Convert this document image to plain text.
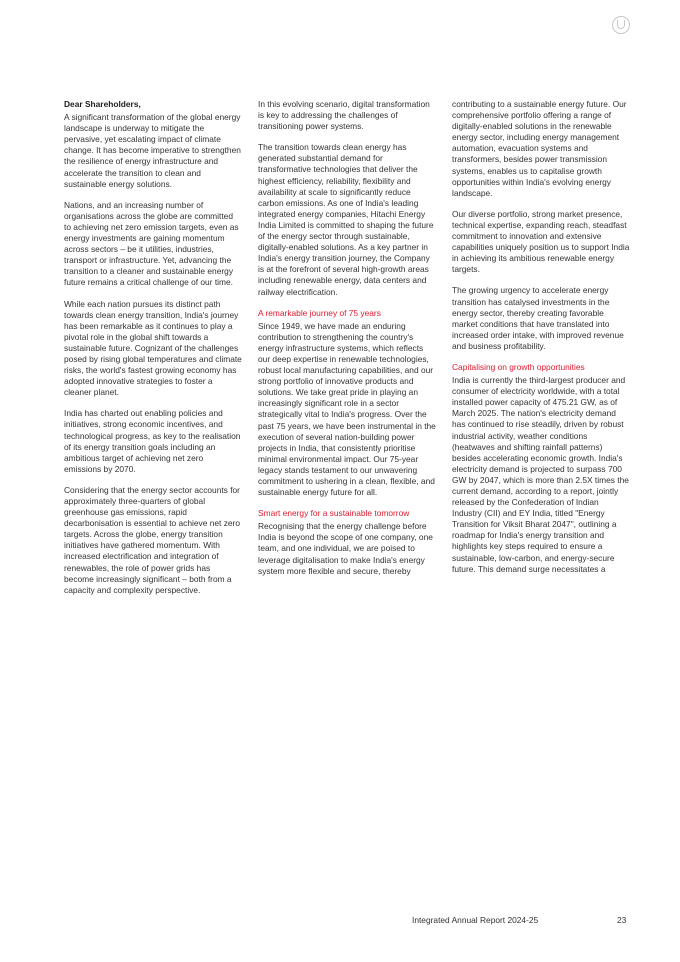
Dear Shareholders,

A significant transformation of the global energy landscape is underway to mitigate the pervasive, yet escalating impact of climate change. It has become imperative to strengthen the resilience of energy infrastructure and accelerate the transition to clean and sustainable energy solutions.

Nations, and an increasing number of organisations across the globe are committed to achieving net zero emission targets, even as energy investments are gaining momentum across sectors – be it utilities, industries, transport or infrastructure. Yet, advancing the transition to a cleaner and sustainable energy future remains a critical challenge of our time.

While each nation pursues its distinct path towards clean energy transition, India's journey has been remarkable as it continues to play a pivotal role in the global shift towards a sustainable future. Cognizant of the challenges posed by rising global temperatures and climate risks, the world's fastest growing economy has adopted innovative strategies to foster a cleaner planet.

India has charted out enabling policies and initiatives, strong economic incentives, and technological progress, as key to the realisation of its energy transition goals including an ambitious target of achieving net zero emissions by 2070.

Considering that the energy sector accounts for approximately three-quarters of global greenhouse gas emissions, rapid decarbonisation is essential to achieve net zero targets. Across the globe, energy transition initiatives have gathered momentum. With increased electrification and integration of renewables, the role of power grids has become increasingly significant – both from a capacity and complexity perspective.

In this evolving scenario, digital transformation is key to addressing the challenges of transitioning power systems.

The transition towards clean energy has generated substantial demand for transformative technologies that deliver the highest efficiency, reliability, flexibility and availability at scale to significantly reduce carbon emissions. As one of India's leading integrated energy companies, Hitachi Energy India Limited is committed to shaping the future of the energy sector through sustainable, digitally-enabled solutions. As a key partner in India's energy transition journey, the Company is at the forefront of several high-growth areas including renewable energy, data centers and railway electrification.

A remarkable journey of 75 years

Since 1949, we have made an enduring contribution to strengthening the country's energy infrastructure systems, which reflects our deep expertise in renewable technologies, robust local manufacturing capabilities, and our strong portfolio of innovative products and solutions. We take great pride in playing an increasingly significant role in a sector strategically vital to India's progress. Over the past 75 years, we have been instrumental in the execution of several nation-building power projects in India, that consistently prioritise minimal environmental impact. Our 75-year legacy stands testament to our unwavering commitment to ushering in a clean, flexible, and sustainable energy future for all.

Smart energy for a sustainable tomorrow

Recognising that the energy challenge before India is beyond the scope of one company, one team, and one individual, we are poised to leverage digitalisation to make India's energy system more flexible and secure, thereby

contributing to a sustainable energy future. Our comprehensive portfolio offering a range of digitally-enabled solutions in the renewable energy sector, including energy management automation, evacuation systems and transformers, besides power transmission systems, enables us to capitalise growth opportunities within India's evolving energy landscape.

Our diverse portfolio, strong market presence, technical expertise, expanding reach, steadfast commitment to innovation and extensive capabilities uniquely position us to support India in achieving its ambitious renewable energy targets.

The growing urgency to accelerate energy transition has catalysed investments in the energy sector, thereby creating favorable market conditions that have translated into increased order intake, with improved revenue and business profitability.

Capitalising on growth opportunities

India is currently the third-largest producer and consumer of electricity worldwide, with a total installed power capacity of 475.21 GW, as of March 2025. The nation's electricity demand has continued to rise steadily, driven by robust industrial activity, weather conditions (heatwaves and shifting rainfall patterns) besides accelerating economic growth. India's electricity demand is projected to surpass 700 GW by 2047, which is more than 2.5X times the current demand, according to a report, jointly released by the Confederation of Indian Industry (CII) and EY India, titled "Energy Transition for Viksit Bharat 2047", outlining a roadmap for India's energy transition and highlights key steps required to ensure a sustainable, low-carbon, and energy-secure future. This demand surge necessitates a

Integrated Annual Report 2024-25	23
